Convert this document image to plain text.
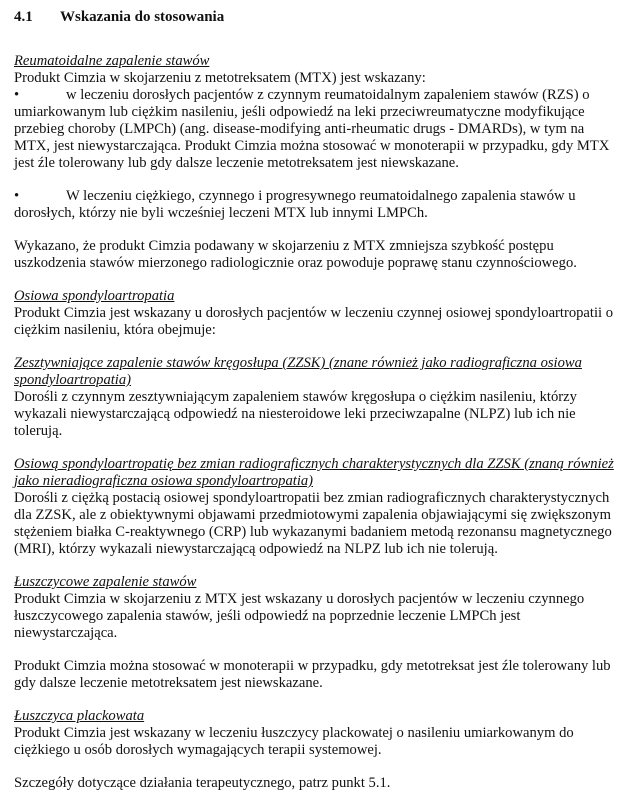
4.1 Wskazania do stosowania

Reumatoidalne zapalenie stawów

Produkt Cimzia w skojarzeniu z metotreksatem (MTX) jest wskazany:

•	w leczeniu dorosłych pacjentów z czynnym reumatoidalnym zapaleniem stawów (RZS) o umiarkowanym lub ciężkim nasileniu, jeśli odpowiedź na leki przeciwreumatyczne modyfikujące przebieg choroby (LMPCh) (ang. disease-modifying anti-rheumatic drugs - DMARDs), w tym na MTX, jest niewystarczająca. Produkt Cimzia można stosować w monoterapii w przypadku, gdy MTX jest źle tolerowany lub gdy dalsze leczenie metotreksatem jest niewskazane.

•	W leczeniu ciężkiego, czynnego i progresywnego reumatoidalnego zapalenia stawów u dorosłych, którzy nie byli wcześniej leczeni MTX lub innymi LMPCh.

Wykazano, że produkt Cimzia podawany w skojarzeniu z MTX zmniejsza szybkość postępu uszkodzenia stawów mierzonego radiologicznie oraz powoduje poprawę stanu czynnościowego.

Osiowa spondyloartropatia

Produkt Cimzia jest wskazany u dorosłych pacjentów w leczeniu czynnej osiowej spondyloartropatii o ciężkim nasileniu, która obejmuje:

Zesztywniające zapalenie stawów kręgosłupa (ZZSK) (znane również jako radiograficzna osiowa
spondyloartropatia)

Dorośli z czynnym zesztywniającym zapaleniem stawów kręgosłupa o ciężkim nasileniu, którzy wykazali niewystarczającą odpowiedź na niesteroidowe leki przeciwzapalne (NLPZ) lub ich nie tolerują.

Osiową spondyloartropatię bez zmian radiograficznych charakterystycznych dla ZZSK (znaną również
jako nieradiograficzna osiowa spondyloartropatia)

Dorośli z ciężką postacią osiowej spondyloartropatii bez zmian radiograficznych charakterystycznych dla ZZSK, ale z obiektywnymi objawami przedmiotowymi zapalenia objawiającymi się zwiększonym stężeniem białka C-reaktywnego (CRP) lub wykazanymi badaniem metodą rezonansu magnetycznego (MRI), którzy wykazali niewystarczającą odpowiedź na NLPZ lub ich nie tolerują.

Łuszczycowe zapalenie stawów

Produkt Cimzia w skojarzeniu z MTX jest wskazany u dorosłych pacjentów w leczeniu czynnego łuszczycowego zapalenia stawów, jeśli odpowiedź na poprzednie leczenie LMPCh jest niewystarczająca.

Produkt Cimzia można stosować w monoterapii w przypadku, gdy metotreksat jest źle tolerowany lub gdy dalsze leczenie metotreksatem jest niewskazane.

Łuszczyca plackowata

Produkt Cimzia jest wskazany w leczeniu łuszczycy plackowatej o nasileniu umiarkowanym do ciężkiego u osób dorosłych wymagających terapii systemowej.

Szczegóły dotyczące działania terapeutycznego, patrz punkt 5.1.
